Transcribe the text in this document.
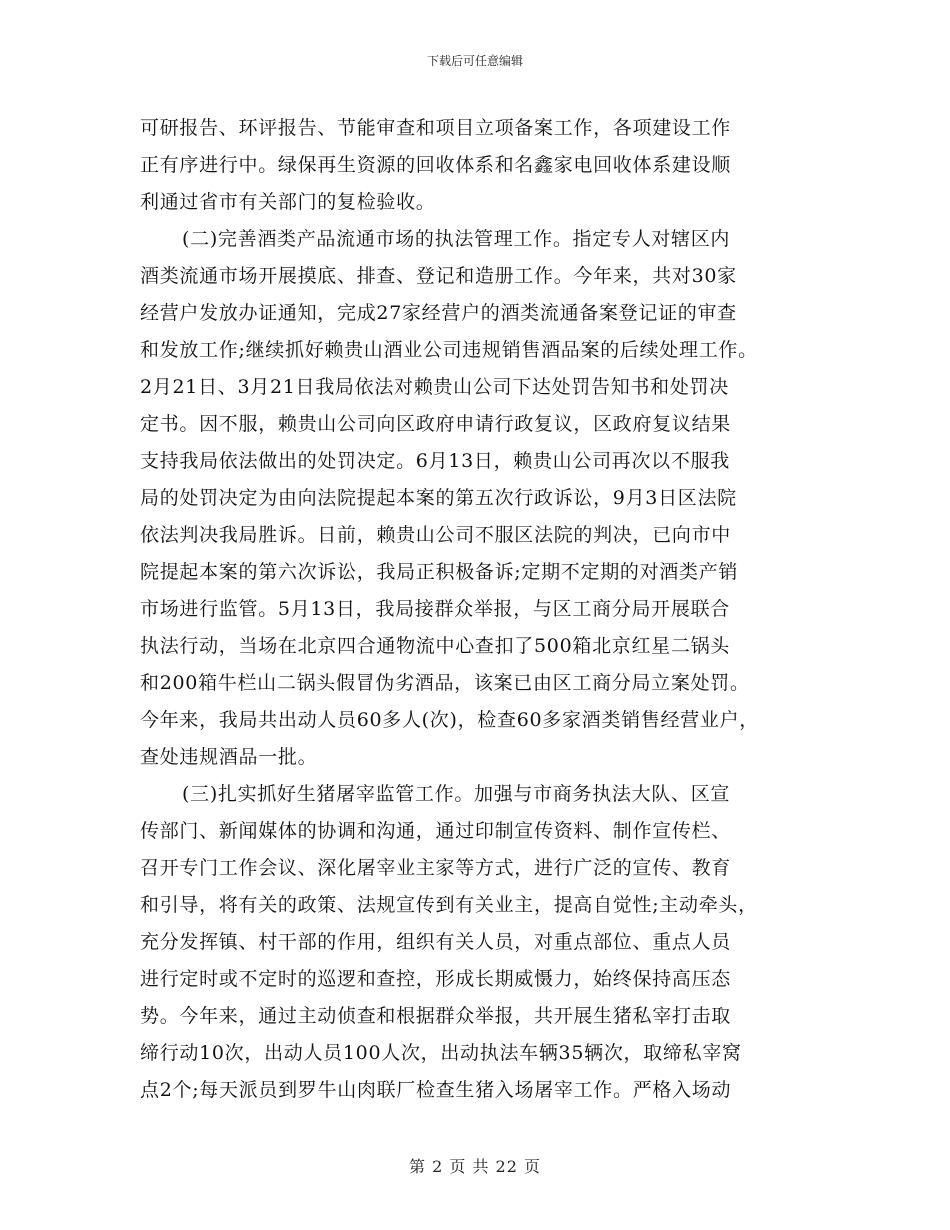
下载后可任意编辑
可研报告、环评报告、节能审查和项目立项备案工作，各项建设工作
正有序进行中。绿保再生资源的回收体系和名鑫家电回收体系建设顺
利通过省市有关部门的复检验收。
(二)完善酒类产品流通市场的执法管理工作。指定专人对辖区内
酒类流通市场开展摸底、排查、登记和造册工作。今年来，共对30家
经营户发放办证通知，完成27家经营户的酒类流通备案登记证的审查
和发放工作;继续抓好赖贵山酒业公司违规销售酒品案的后续处理工作。
2月21日、3月21日我局依法对赖贵山公司下达处罚告知书和处罚决
定书。因不服，赖贵山公司向区政府申请行政复议，区政府复议结果
支持我局依法做出的处罚决定。6月13日，赖贵山公司再次以不服我
局的处罚决定为由向法院提起本案的第五次行政诉讼，9月3日区法院
依法判决我局胜诉。日前，赖贵山公司不服区法院的判决，已向市中
院提起本案的第六次诉讼，我局正积极备诉;定期不定期的对酒类产销
市场进行监管。5月13日，我局接群众举报，与区工商分局开展联合
执法行动，当场在北京四合通物流中心查扣了500箱北京红星二锅头
和200箱牛栏山二锅头假冒伪劣酒品，该案已由区工商分局立案处罚。
今年来，我局共出动人员60多人(次)，检查60多家酒类销售经营业户，
查处违规酒品一批。
(三)扎实抓好生猪屠宰监管工作。加强与市商务执法大队、区宣
传部门、新闻媒体的协调和沟通，通过印制宣传资料、制作宣传栏、
召开专门工作会议、深化屠宰业主家等方式，进行广泛的宣传、教育
和引导，将有关的政策、法规宣传到有关业主，提高自觉性;主动牵头，
充分发挥镇、村干部的作用，组织有关人员，对重点部位、重点人员
进行定时或不定时的巡逻和查控，形成长期威慑力，始终保持高压态
势。今年来，通过主动侦查和根据群众举报，共开展生猪私宰打击取
缔行动10次，出动人员100人次，出动执法车辆35辆次，取缔私宰窝
点2个;每天派员到罗牛山肉联厂检查生猪入场屠宰工作。严格入场动
第 2 页 共 22 页
